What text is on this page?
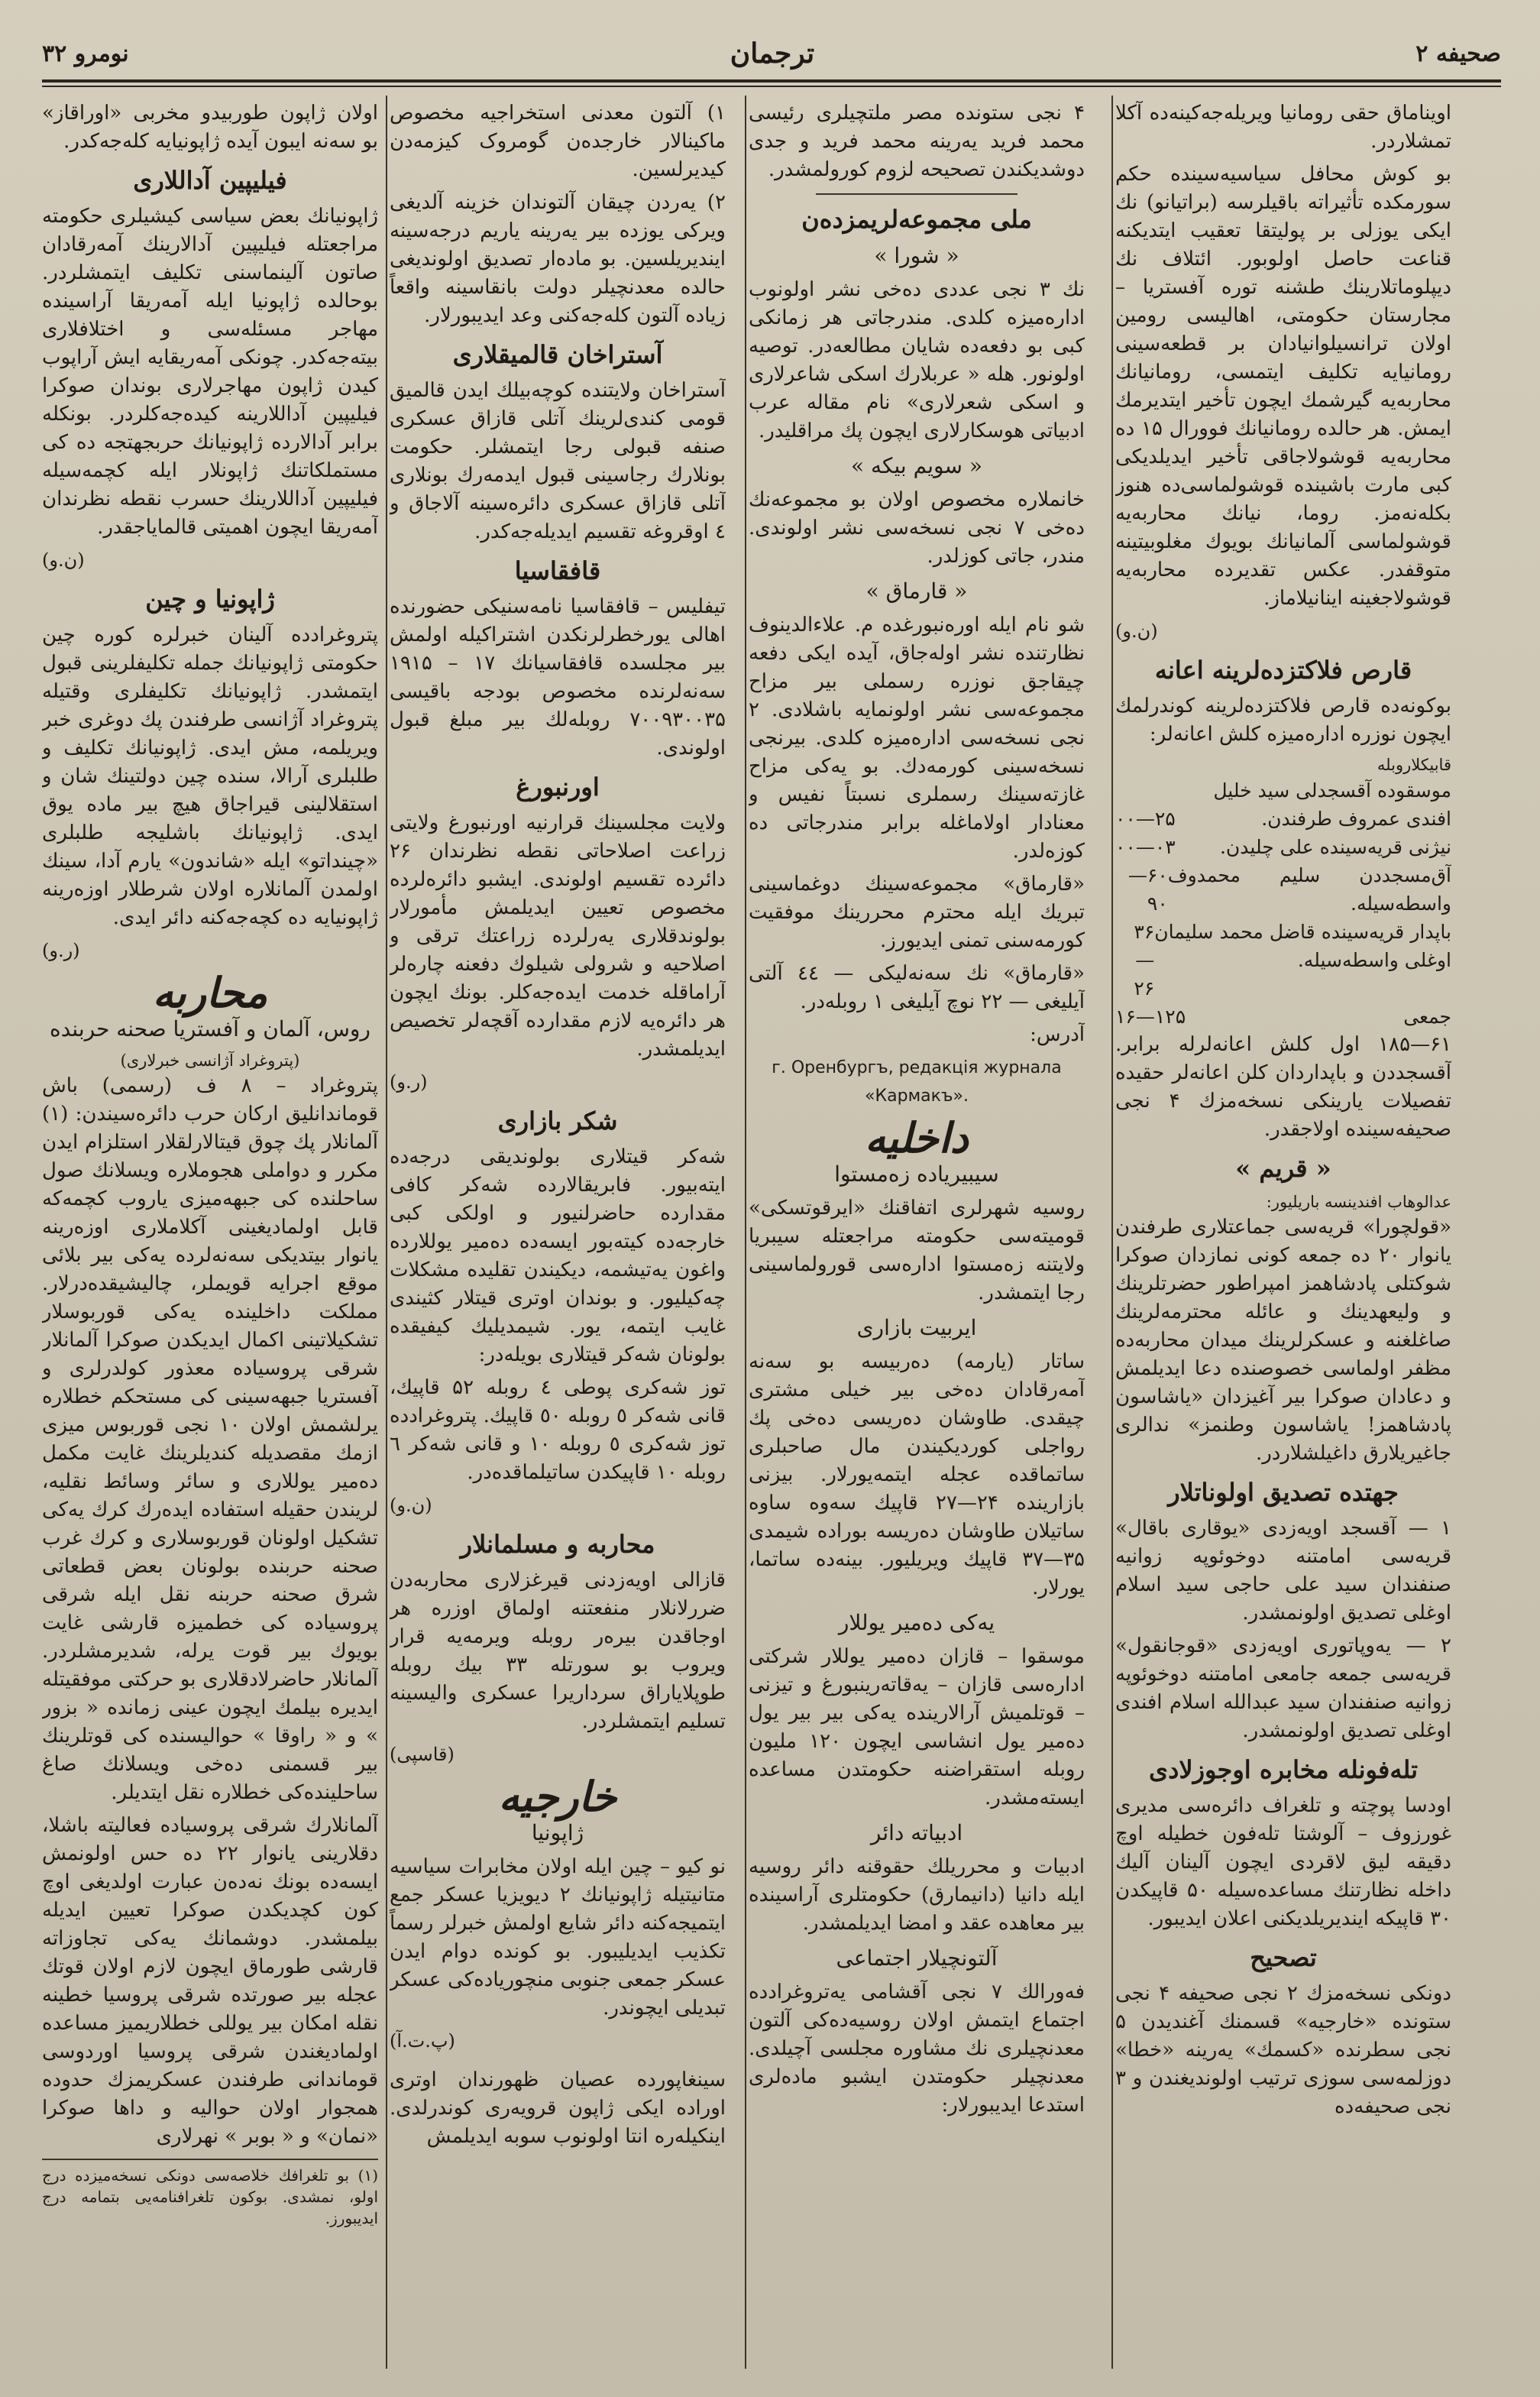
صحیفه ۲
ترجمان
نومرو ۳۲

اویناماق حقی رومانیا ویریله‌جه‌کینه‌ده آکلا تمشلاردر.

بو کوش محافل سیاسیه‌سینده حکم سورمکده تأثیراته باقیلرسه (براتیانو) نك ایکی یوزلی بر پولیتقا تعقیب ایتدیکنه قناعت حاصل اولوبور. ائتلاف نك دیپلوماتلارینك طشنه توره آفستریا – مجارستان حکومتی، اهالیسی رومین اولان ترانسیلوانیادان بر قطعه‌سینی رومانیایه تکلیف ایتمسی، رومانیانك محاربه‌یه گیرشمك ایچون تأخیر ایتدیرمك ایمش. هر حالده رومانیانك فوورال ۱۵ ده محاربه‌یه قوشولاجاقی تأخیر ایدیلدیکی کبی مارت باشینده قوشولماسی‌ده هنوز بکله‌نه‌مز. روما، نيانك محاربه‌یه قوشولماسی آلمانیانك بویوك مغلوبیتینه متوقفدر. عکس تقدیرده محاربه‌یه قوشولاجغینه اینانیلاماز.

(ن.و)
قارص فلاکتزده‌لرینه اعانه

بوکونه‌ده قارص فلاکتزده‌لرینه کوندرلمك ایچون نوزره اداره‌میزه کلش اعانه‌لر:

قابیکلاروبله
موسقوده آقسجدلی سید خلیل
افندی عمروف طرفندن.
۲۵—۰۰
نیژنی قریه‌سینده علی چلیدن.
۰۳—۰۰
آق‌مسجددن سلیم محمدوف واسطه‌سیله.
۶۰—۹۰
باپدار قریه‌سینده قاضل محمد سلیمان اوغلی واسطه‌سیله.
۳۶—۲۶
جمعی
۱۲۵—۱۶

۶۱—۱۸۵ اول کلش اعانه‌لرله برابر. آقسجددن و باپداردان کلن اعانه‌لر حقیده تفصیلات یارینکی نسخه‌مزك ۴ نجی صحیفه‌سینده اولاجقدر.

« قریم »
عدالوهاب افندینسه باریلیور:

«قولچورا» قریه‌سی جماعتلاری طرفندن یانوار ۲۰ ده جمعه کونی نمازدان صوکرا شوکتلی پادشاهمز امپراطور حضرتلرینك و ولیعهدینك و عائله محترمه‌لرینك صاغلغنه و عسکرلرینك میدان محاربه‌ده مظفر اولماسی خصوصنده دعا ایدیلمش و دعادان صوکرا بیر آغیزدان «یاشاسون پادشاهمز! یاشاسون وطنمز» ندالری جاغیریلارق داغیلشلاردر.

جهتده تصدیق اولوناتلار

۱ — آقسجد اویه‌زدی «یوقاری باقال» قریه‌سی امامتنه دوخوئوپه زوانیه صنفندان سید علی حاجی سید اسلام اوغلی تصدیق اولونمشدر.

۲ — یه‌وپاتوری اویه‌زدی «قوجانقول» قریه‌سی جمعه جامعی امامتنه دوخوئوپه زوانیه صنفندان سید عبدالله اسلام افندی اوغلی تصدیق اولونمشدر.

تله‌فونله مخابره اوجوزلادی

اودسا پوچته و تلغراف دائره‌سی مدیری غورزوف – آلوشتا تله‌فون خطیله اوچ دقیقه لیق لاقردی ایچون آلینان آلیك داخله نظارتنك مساعده‌سیله ۵۰ قاپیکدن ۳۰ قاپیکه ایندیریلدیکنی اعلان ایدیبور.

تصحیح

دونکی نسخه‌مزك ۲ نجی صحیفه ۴ نجی ستونده «خارجیه» قسمنك آغندیدن ۵ نجی سطرنده «کسمك» یه‌رینه «خطا» دوزلمه‌سی سوزی ترتیب اولوندیغندن و ۳ نجی صحیفه‌ده

۴ نجی ستونده مصر ملتچیلری رئیسی محمد فرید یه‌رینه محمد فرید و جدی دوشدیکندن تصحیحه لزوم کورولمشدر.

ملی مجموعه‌لریمزده‌ن
« شورا »

نك ۳ نجی عددی ده‌خی نشر اولونوب اداره‌میزه کلدی. مندرجاتی هر زمانکی کبی بو دفعه‌ده شایان مطالعه‌در. توصیه اولونور. هله « عربلارك اسکی شاعرلاری و اسکی شعرلاری» نام مقاله عرب ادبیاتی هوسکارلاری ایچون پك مراقلیدر.

« سویم بیکه »

خانملاره مخصوص اولان بو مجموعه‌نك ده‌خی ۷ نجی نسخه‌سی نشر اولوندی. مندر، جاتی کوزلدر.

« قارماق »

شو نام ایله اوره‌نبورغده م. علاءالدینوف نظارتنده نشر اوله‌جاق، آیده ایکی دفعه چیقاجق نوزره رسملی بیر مزاح مجموعه‌سی نشر اولونمایه باشلادی. ۲ نجی نسخه‌سی اداره‌میزه کلدی. بیرنجی نسخه‌سینی کورمه‌دك. بو یه‌کی مزاح غازته‌سینك رسملری نسبتاً نفیس و معنادار اولاماغله برابر مندرجاتی ده کوزه‌لدر.

«قارماق» مجموعه‌سینك دوغماسینی تبریك ایله محترم محررینك موفقیت کورمه‌سنی تمنی ایدیورز.

«قارماق» نك سه‌نه‌لیکی — ٤٤ آلتی آیلیغی — ۲۲ نوچ آیلیغی ۱ روبله‌در.

آدرس:

г. Оренбургъ, редакція журнала «Кармакъ».

داخلیه
سیبیریاده زه‌مستوا

روسیه شهرلری اتفاقنك «ایرقوتسکی» قومیته‌سی حکومته مراجعتله سیبریا ولایتنه زه‌مستوا اداره‌سی قورولماسینی رجا ایتمشدر.

ایربیت بازاری

ساتار (یارمه) ده‌ربیسه بو سه‌نه آمه‌رقادان ده‌خی بیر خیلی مشتری چیقدی. طاوشان ده‌ریسی ده‌خی پك رواجلی کوردیکیندن مال صاحبلری ساتماقده عجله ایتمه‌یورلار. بیزنی بازارینده ۲۴—۲۷ قاپیك سه‌وه ساوه ساتیلان طاوشان ده‌ریسه بوراده شیمدی ۳۵—۳۷ قاپیك ویریلیور. بینه‌ده ساتما، یورلار.

یه‌کی ده‌میر یوللار

موسقوا – قازان ده‌میر یوللار شرکتی اداره‌سی قازان – یه‌قاته‌رینبورغ و تیزنی – قوتلمیش آرالارینده یه‌کی بیر بیر یول ده‌میر یول انشاسی ایچون ۱۲۰ ملیون روبله استقراضنه حکومتدن مساعده ایسته‌مشدر.

ادبیاته دائر

ادبیات و محرریلك حقوقنه دائر روسیه ایله دانیا (دانیمارق) حکومتلری آراسینده بیر معاهده عقد و امضا ایدیلمشدر.

آلتونچیلار اجتماعی

فه‌ورالك ۷ نجی آقشامی یه‌تروغرادده اجتماع ایتمش اولان روسیه‌ده‌کی آلتون معدنچیلری نك مشاوره مجلسی آچیلدی. معدنچیلر حکومتدن ایشبو ماده‌لری استدعا ایدیبورلار:

۱) آلتون معدنی استخراجیه مخصوص ماکینالار خارجده‌ن گومروک کیزمه‌دن کیدیرلسین.

۲) یه‌ردن چیقان آلتوندان خزینه آلدیغی ویرکی یوزده بیر یه‌رینه یاریم درجه‌سینه ایندیریلسین. بو ماده‌ار تصدیق اولوندیغی حالده معدنچیلر دولت بانقاسینه واقعاً زیاده آلتون کله‌جه‌کنی وعد ایدیبورلار.

آستراخان قالمیقلاری

آستراخان ولایتنده کوچه‌بیلك ایدن قالمیق قومی کندی‌لرینك آتلی قازاق عسکری صنفه قبولی رجا ایتمشلر. حکومت بونلارك رجاسینی قبول ایدمه‌رك بونلاری آتلی قازاق عسکری دائره‌سینه آلاجاق و ٤ اوقروغه تقسیم ایدیله‌جه‌کدر.

قافقاسیا

تیفلیس – قافقاسیا نامه‌سنیکی حضورنده اهالی یورخطرلرنکدن اشتراکیله اولمش بیر مجلسده قافقاسیانك ۱۷ – ۱۹۱۵ سه‌نه‌لرنده مخصوص بودجه باقیسی ۷۰۰۹۳۰۰۳۵ روبله‌لك بیر مبلغ قبول اولوندی.

اورنبورغ

ولایت مجلسینك قرارنیه اورنبورغ ولایتی زراعت اصلاحاتی نقطه نظرندان ۲۶ دائرده تقسیم اولوندی. ایشبو دائره‌لرده مخصوص تعیین ایدیلمش مأمورلار بولوندقلاری یه‌رلرده زراعتك ترقی و اصلاحیه و شرولی شیلوك دفعنه چاره‌لر آراماقله خدمت ایده‌جه‌کلر. بونك ایچون هر دائره‌یه لازم مقدارده آقچه‌لر تخصیص ایدیلمشدر.

(ر.و)
شکر بازاری

شه‌کر قیتلاری بولوندیقی درجه‌ده ایته‌بیور. فابریقالارده شه‌کر کافی مقدارده حاضرلنیور و اولکی کبی خارجه‌ده کیته‌بور ایسه‌ده ده‌میر یوللارده واغون یه‌تیشمه، دیکیندن تقلیده مشکلات چه‌کیلیور. و بوندان اوتری قیتلار کثیندی غایب ایتمه، یور. شیمدیلیك کیفیقده بولونان شه‌کر قیتلاری بویله‌در:

توز شه‌کری پوطی ٤ روبله ۵۲ قاپیك، قانی شه‌کر ٥ روبله ٥٠ قاپیك. پتروغرادده توز شه‌کری ٥ روبله ١٠ و قانی شه‌کر ٦ روبله ١٠ قاپیکدن ساتیلماقده‌در.

(ن.و)
محاربه و مسلمانلار

قازالی اویه‌زدنی قیرغزلاری محاربه‌دن ضررلانلار منفعتنه اولماق اوزره هر اوجاقدن بیره‌ر روبله ویرمه‌یه قرار ویروب بو سورتله ۳۳ بیك روبله طوپلایاراق سرداریرا عسکری والیسینه تسلیم ایتمشلردر.

(قاسپی)
خارجیه
ژاپونیا

نو کیو – چین ایله اولان مخابرات سیاسیه متانیتیله ژاپونیانك ۲ دیویزیا عسکر جمع ایتمیجه‌کنه دائر شایع اولمش خبرلر رسماً تکذیب ایدیلیبور. بو کونده دوام ایدن عسکر جمعی جنوبی منچوریاده‌کی عسکر تبدیلی ایچوندر.

(پ.ت.آ)

سینغاپورده عصیان ظهورندان اوتری اوراده ایکی ژاپون قرویه‌ری کوندرلدی. اینکیله‌ره انتا اولونوب سوبه ایدیلمش

اولان ژاپون طوربیدو مخربی «اوراقاز» بو سه‌نه ایبون آیده ژاپونیایه کله‌جه‌کدر.

فیلیپین آداللاری

ژاپونیانك بعض سیاسی کیشیلری حکومته مراجعتله فیلیپین آدالارینك آمه‌رقادان صاتون آلینماسنی تکلیف ایتمشلردر. بوحالده ژاپونیا ایله آمه‌ریقا آراسینده مهاجر مسئله‌سی و اختلافلاری بیته‌جه‌کدر. چونکی آمه‌ریقایه ایش آراپوب کیدن ژاپون مهاجرلاری بوندان صوکرا فیلیپین آداللارینه کیده‌جه‌کلردر. بونکله برابر آدالارده ژاپونیانك حربجهتجه ده کی مستملکاتنك ژاپونلار ایله کچمه‌سیله فیلیپین آداللارینك حسرب نقطه نظرندان آمه‌ریقا ایچون اهمیتی قالمایاجقدر.

(ن.و)
ژاپونیا و چین

پتروغرادده آلینان خبرلره کوره چین حکومتی ژاپونیانك جمله تکلیفلرینی قبول ایتمشدر. ژاپونیانك تکلیفلری وقتیله پتروغراد آژانسی طرفندن پك دوغری خبر ویریلمه، مش ایدی. ژاپونیانك تکلیف و طلبلری آرالا، سنده چین دولتینك شان و استقلالینی قیراجاق هیچ بیر ماده یوق ایدی. ژاپونیانك باشلیجه طلبلری «چینداتو» ایله «شاندون» یارم آدا، سینك اولمدن آلمانلاره اولان شرطلار اوزه‌رینه ژاپونیایه ده کچه‌جه‌کنه دائر ایدی.

(ر.و)
محاربه
روس، آلمان و آفستریا صحنه حربنده
(پتروغراد آژانسی خبرلاری)

پتروغراد – ۸ ف (رسمی) باش قوماندانلیق ارکان حرب دائره‌سیندن: (۱) آلمانلار پك چوق قیتالارلقلار استلزام ایدن مکرر و دواملی هجوملاره ویسلانك صول ساحلنده کی جبهه‌میزی یاروب کچمه‌که قابل اولمادیغینی آکلاملاری اوزه‌رینه یانوار بیتدیکی سه‌نه‌لرده یه‌کی بیر بلائی موقع اجرایه قویملر، چالیشیقده‌درلار. مملکت داخلینده یه‌کی قوربوسلار تشکیلاتینی اکمال ایدیکدن صوکرا آلمانلار شرقی پروسیاده معذور کولدرلری و آفستریا جبهه‌سینی کی مستحکم خطلاره یرلشمش اولان ۱۰ نجی قوربوس میزی ازمك مقصدیله کندیلرینك غایت مکمل ده‌میر یوللاری و سائر وسائط نقلیه، لریندن حقیله استفاده ایده‌رك کرك یه‌کی تشکیل اولونان قوربوسلاری و کرك غرب صحنه حربنده بولونان بعض قطعاتی شرق صحنه حربنه نقل ایله شرقی پروسیاده کی خطمیزه قارشی غایت بویوك بیر قوت یرله، شدیرمشلردر. آلمانلار حاضرلادقلاری بو حرکتی موفقیتله ایدیره بیلمك ایچون عینی زمانده « بزور » و « راوقا » حوالیسنده کی قوتلرینك بیر قسمنی ده‌خی ویسلانك صاغ ساحلینده‌کی خطلاره نقل ایتدیلر.

آلمانلارك شرقی پروسیاده فعالیته باشلا، دقلارینی یانوار ۲۲ ده حس اولونمش ایسه‌ده بونك نه‌ده‌ن عبارت اولدیغی اوچ کون کچدیکدن صوکرا تعیین ایدیله بیلمشدر. دوشمانك یه‌کی تجاوزاته قارشی طورماق ایچون لازم اولان قوتك عجله بیر صورتده شرقی پروسیا خطینه نقله امکان بیر یوللی خطلاریمیز مساعده اولمادیغندن شرقی پروسیا اوردوسی قوماندانی طرفندن عسکریمزك حدوده همجوار اولان حوالیه و داها صوکرا «نمان» و « بوبر » نهرلاری

(۱) بو تلغرافك خلاصه‌سی دونکی نسخه‌میزده درج اولو، نمشدی. بوکون تلغرافنامه‌یی بتمامه درج ایدیبورز.
